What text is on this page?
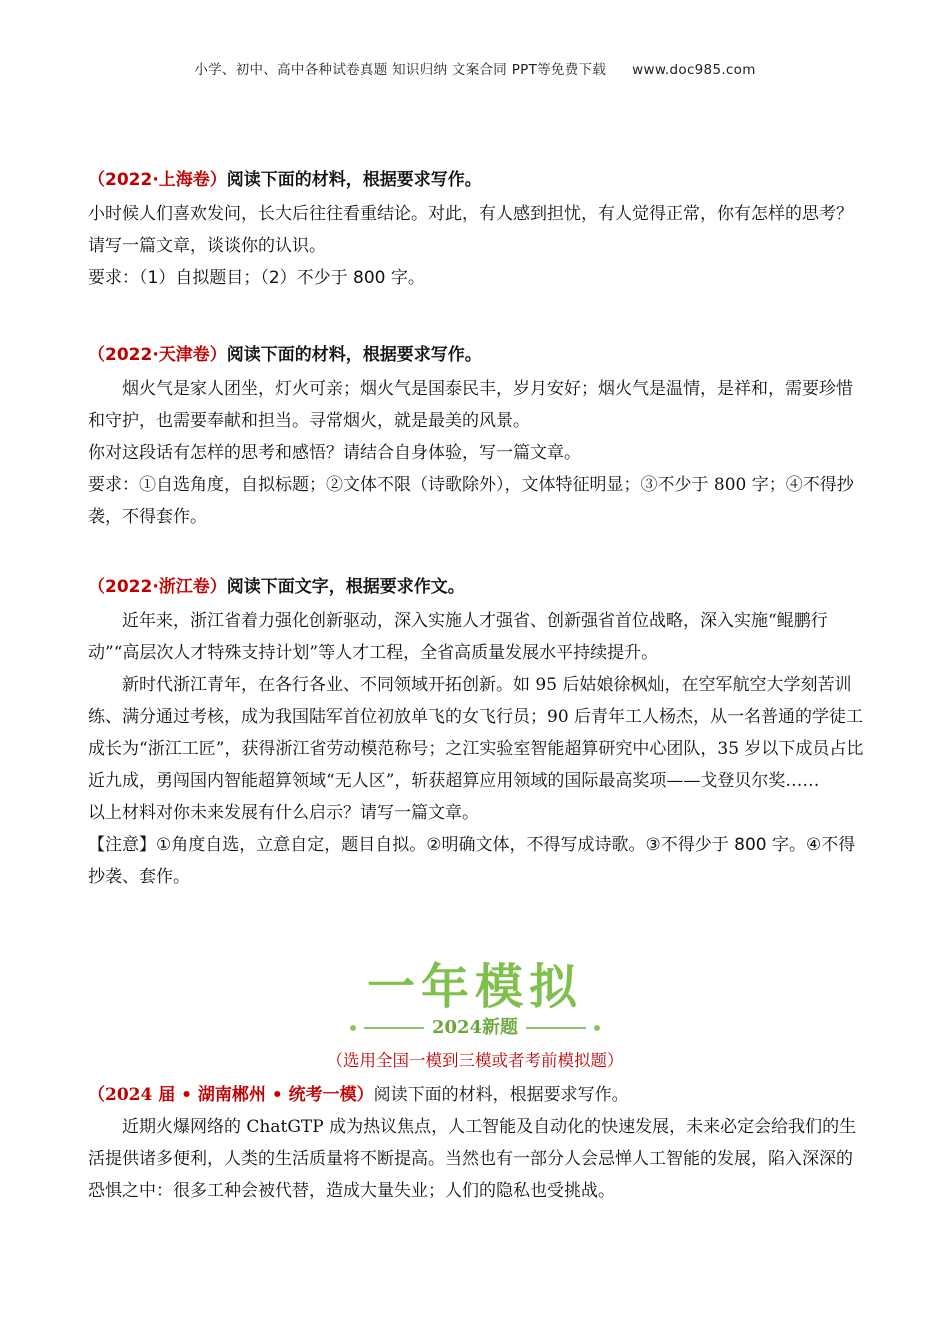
小学、初中、高中各种试卷真题 知识归纳 文案合同 PPT等免费下载 www.doc985.com
（2022·上海卷）阅读下面的材料，根据要求写作。

小时候人们喜欢发问，长大后往往看重结论。对此，有人感到担忧，有人觉得正常，你有怎样的思考？请写一篇文章，谈谈你的认识。

要求：（1）自拟题目；（2）不少于 800 字。

（2022·天津卷）阅读下面的材料，根据要求写作。

烟火气是家人团坐，灯火可亲；烟火气是国泰民丰，岁月安好；烟火气是温情，是祥和，需要珍惜和守护，也需要奉献和担当。寻常烟火，就是最美的风景。

你对这段话有怎样的思考和感悟？请结合自身体验，写一篇文章。

要求：①自选角度，自拟标题；②文体不限（诗歌除外），文体特征明显；③不少于 800 字；④不得抄袭，不得套作。

（2022·浙江卷）阅读下面文字，根据要求作文。

近年来，浙江省着力强化创新驱动，深入实施人才强省、创新强省首位战略，深入实施“鲲鹏行动”“高层次人才特殊支持计划”等人才工程，全省高质量发展水平持续提升。

新时代浙江青年，在各行各业、不同领域开拓创新。如 95 后姑娘徐枫灿，在空军航空大学刻苦训练、满分通过考核，成为我国陆军首位初放单飞的女飞行员；90 后青年工人杨杰，从一名普通的学徒工成长为“浙江工匠”，获得浙江省劳动模范称号；之江实验室智能超算研究中心团队，35 岁以下成员占比近九成，勇闯国内智能超算领域“无人区”，斩获超算应用领域的国际最高奖项——戈登贝尔奖……

以上材料对你未来发展有什么启示？请写一篇文章。

【注意】①角度自选，立意自定，题目自拟。②明确文体，不得写成诗歌。③不得少于 800 字。④不得抄袭、套作。

一年模拟
2024新题
（选用全国一模到三模或者考前模拟题）
（2024 届 • 湖南郴州 • 统考一模）阅读下面的材料，根据要求写作。

近期火爆网络的 ChatGTP 成为热议焦点，人工智能及自动化的快速发展，未来必定会给我们的生活提供诸多便利，人类的生活质量将不断提高。当然也有一部分人会忌惮人工智能的发展，陷入深深的恐惧之中：很多工种会被代替，造成大量失业；人们的隐私也受挑战。
